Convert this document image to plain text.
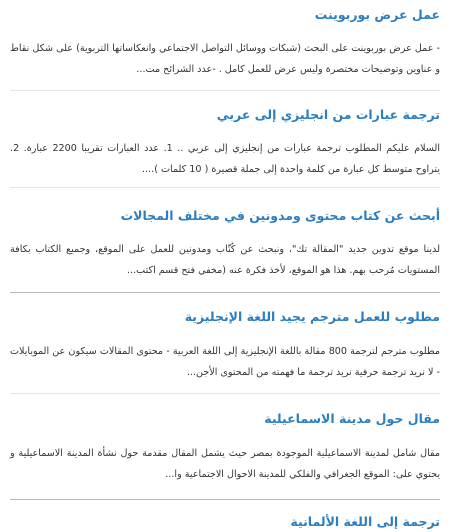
عمل عرض بوربوينت

- عمل عرض بوربوينت على البحث (شبكات ووسائل التواصل الاجتماعي وانعكاساتها التربوية) على شكل نقاط و عناوين وتوضيحات مختصرة وليس عرض للعمل كامل . -عدد الشرائح مت...

ترجمة عبارات من انجليزي إلى عربي

السلام عليكم المطلوب ترجمة عبارات من إنجليزي إلى عربي .. 1. عدد العبارات تقريبا 2200 عبارة. 2. يتراوح متوسط كل عبارة من كلمة واحدة إلى جملة قصيرة ( 10 كلمات )....

أبحث عن كتاب محتوى ومدونين في مختلف المجالات

لدينا موقع تدوين جديد "المقالة تك"، ونبحث عن كُتّاب ومدونين للعمل على الموقع، وجميع الكتاب بكافة المستويات مُرحب بهم. هذا هو الموقع، لأخذ فكرة عنه (مخفي فتح قسم اكتب...

مطلوب للعمل مترجم يجيد اللغة الإنجليزية

مطلوب مترجم لترجمة 800 مقالة باللغة الإنجليزية إلى اللغة العربية - محتوى المقالات سيكون عن الموبايلات - لا نريد ترجمة حرفية نريد ترجمة ما فهمته من المحتوى الأجن...

مقال حول مدينة الاسماعيلية

مقال شامل لمدينة الاسماعيلية الموجودة بمصر حيث يشمل المقال مقدمة حول نشأة المدينة الاسماعيلية و يحتوي على: الموقع الجغرافي والفلكي للمدينة الاحوال الاجتماعية وا...

ترجمة إلى اللغة الألمانية
